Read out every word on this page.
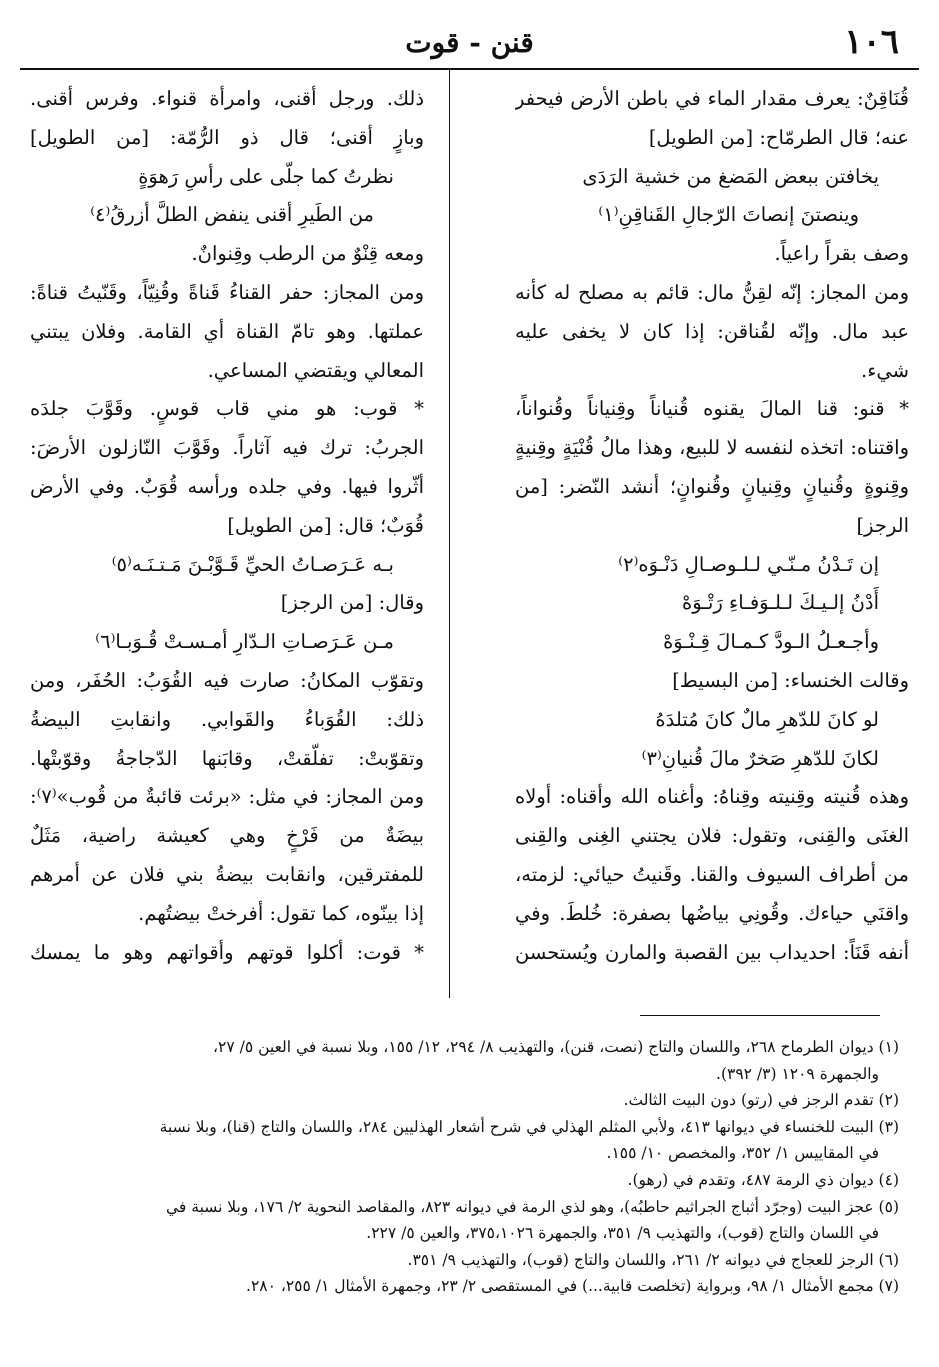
١٠٦
قنن - قوت
قُنَاقِنٌ: يعرف مقدار الماء في باطن الأرض فيحفر
عنه؛ قال الطرمّاح: [من الطويل]
يخافتن ببعض المَضغ من خشية الرَدَى
وينصتنَ إنصاتَ الرّجالِ القَناقِنِ⁽١⁾
وصف بقراً راعياً.
ومن المجاز: إنّه لقِنُّ مال: قائم به مصلح له كأنه
عبد مال. وإنّه لقُناقن: إذا كان لا يخفى عليه
شيء.
* قنو: قنا المالَ يقنوه قُنياناً وقِنياناً وقُنواناً،
واقتناه: اتخذه لنفسه لا للبيع، وهذا مالُ قُنْيَةٍ وقِنيةٍ
وقِنوةٍ وقُنيانٍ وقِنيانٍ وقُنوانٍ؛ أنشد النّضر: [من
الرجز]
إن تَـدْنُ مـنّـي لـلـوصـالِ دَنْـوَه⁽٢⁾
أَدْنُ إلـيـكَ لـلـوَفـاءِ رَتْـوَهْ
وأجـعـلُ الـودَّ كـمـالَ قِـنْـوَهْ
وقالت الخنساء: [من البسيط]
لو كانَ للدّهرِ مالٌ كانَ مُتلدَهُ
لكانَ للدّهرِ صَخرٌ مالَ قُنيانِ⁽٣⁾
وهذه قُنيته وقِنيته وقِناهُ: وأغناه الله وأقناه: أولاه
الغنَى والقِنى، وتقول: فلان يجتني الغِنى والقِنى
من أطراف السيوف والقنا. وقَنيتُ حيائي: لزمته،
واقنَي حياءك. وقُونِي بياضُها بصفرة: خُلطَ. وفي
أنفه قَنَاً: احديداب بين القصبة والمارن ويُستحسن
ذلك. ورجل أقنى، وامرأة قنواء. وفرس أقنى.
وبازٍ أقنى؛ قال ذو الرُّمّة: [من الطويل]
نظرتُ كما جلّى على رأسِ رَهوَةٍ
من الطَيرِ أقنى ينفض الطلَّ أزرقُ⁽٤⁾
ومعه قِنْوٌ من الرطب وقِنوانٌ.
ومن المجاز: حفر القناءُ قَناةً وقُنِيّاً، وقَنّيتُ قناةً:
عملتها. وهو تامّ القناة أي القامة. وفلان يبتني
المعالي ويقتضي المساعي.
* قوب: هو مني قاب قوسٍ. وقَوَّبَ جلدَه
الجربُ: ترك فيه آثاراً. وقَوَّبَ النّازلون الأرضَ:
أثّروا فيها. وفي جلده ورأسه قُوَبٌ. وفي الأرض
قُوَبٌ؛ قال: [من الطويل]
بـه عَـرَصـاتُ الحيِّ قَـوَّبْـنَ مَـتـنَـه⁽٥⁾
وقال: [من الرجز]
مـن عَـرَصـاتِ الـدّارِ أمـسـتْ قُـوَبـا⁽٦⁾
وتقوّب المكانُ: صارت فيه القُوَبُ: الحُفَر، ومن
ذلك: القُوَباءُ والقَوابي. وانقابتِ البيضةُ
وتقوّبتْ: تفلّقتْ، وقابَنها الدّجاجةُ وقوّبتْها.
ومن المجاز: في مثل: «برئت قائبةٌ من قُوب»⁽٧⁾:
بيضَةٌ من فَرْخٍ وهي كعيشة راضية، مَثَلٌ
للمفترقين، وانقابت بيضةُ بني فلان عن أمرهم
إذا بينّوه، كما تقول: أفرختْ بيضتُهم.
* قوت: أكلوا قوتهم وأقواتهم وهو ما يمسك
(١) ديوان الطرماح ٢٦٨، واللسان والتاج (نصت، قنن)، والتهذيب ٨/ ٢٩٤، ١٢/ ١٥٥، وبلا نسبة في العين ٥/ ٢٧،
والجمهرة ١٢٠٩ (٣/ ٣٩٢).
(٢) تقدم الرجز في (رتو) دون البيت الثالث.
(٣) البيت للخنساء في ديوانها ٤١٣، ولأبي المثلم الهذلي في شرح أشعار الهذليين ٢٨٤، واللسان والتاج (قنا)، وبلا نسبة
في المقاييس ١/ ٣٥٢، والمخصص ١٠/ ١٥٥.
(٤) ديوان ذي الرمة ٤٨٧، وتقدم في (رهو).
(٥) عجز البيت (وجرّد أثباج الجراثيم حاطبُه)، وهو لذي الرمة في ديوانه ٨٢٣، والمقاصد النحوية ٢/ ١٧٦، وبلا نسبة في
في اللسان والتاج (قوب)، والتهذيب ٩/ ٣٥١، والجمهرة ٣٧٥،١٠٢٦، والعين ٥/ ٢٢٧.
(٦) الرجز للعجاج في ديوانه ٢/ ٢٦١، واللسان والتاج (قوب)، والتهذيب ٩/ ٣٥١.
(٧) مجمع الأمثال ١/ ٩٨، وبرواية (تخلصت قابية...) في المستقصى ٢/ ٢٣، وجمهرة الأمثال ١/ ٢٥٥، ٢٨٠.
